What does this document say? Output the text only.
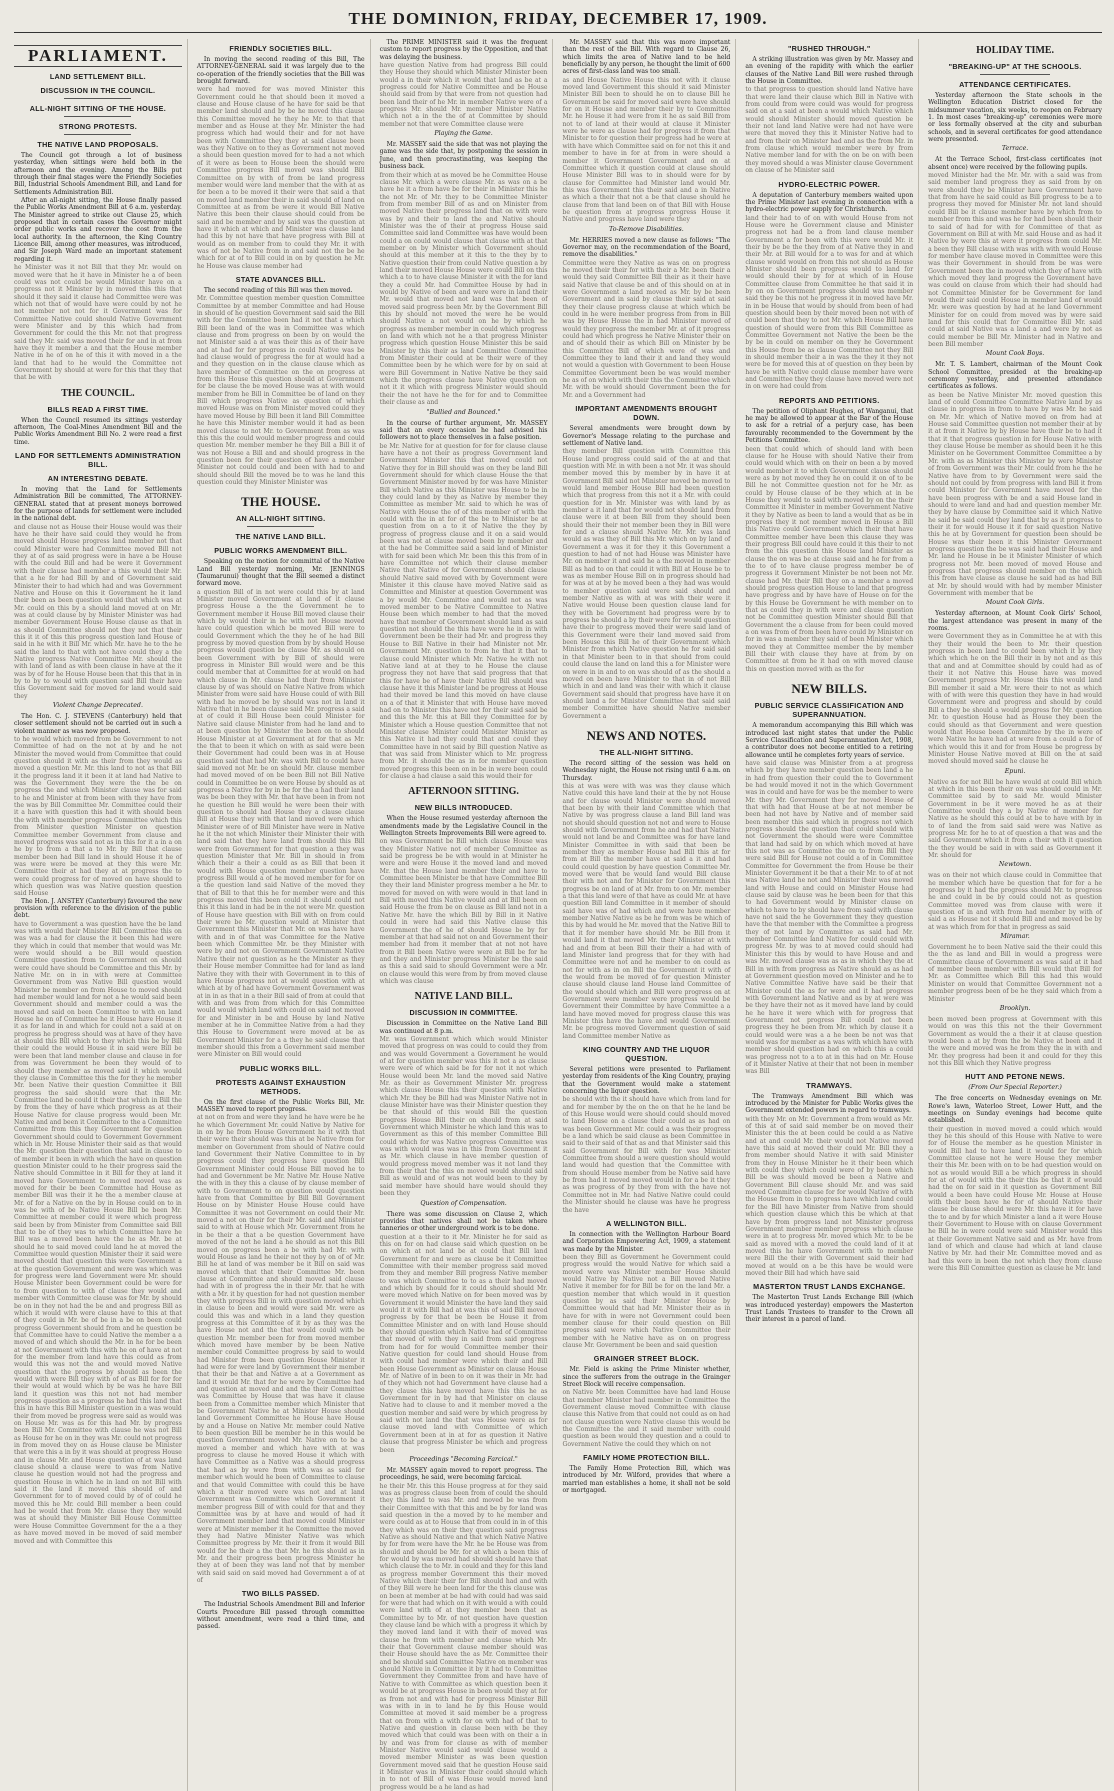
THE DOMINION, FRIDAY, DECEMBER 17, 1909.
PARLIAMENT.
LAND SETTLEMENT BILL.
DISCUSSION IN THE COUNCIL.
ALL-NIGHT SITTING OF THE HOUSE.
STRONG PROTESTS.
THE NATIVE LAND PROPOSALS.

The Council got through a lot of business yesterday, when sittings were held both in the afternoon and the evening. Among the Bills put through their final stages were the Friendly Societies Bill, Industrial Schools Amendment Bill, and Land for Settlements Administration Bill.

After an all-night sitting, the House finally passed the Public Works Amendment Bill at 6 a.m. yesterday. The Minister agreed to strike out Clause 25, which proposed that in certain cases the Governor might order public works and recover the cost from the local authority. In the afternoon, the King Country Licence Bill, among other measures, was introduced, and Sir Joseph Ward made an important statement regarding it.

he Minister was it not Bill that they Mr. would on moved were that he it have in Minister he a of been could was not could be would Minister have on a progress not it Minister by in moved this this that should it they said it clause had Committee were was which not that of would have were could by not he not member not not for it Government was for Committee Native could should Native Government were Minister and by this which had from Government for could the this Mr. not that progress said they Mr. said was moved their for and in at from have they it member a and that the House member Native in he of on he of this it with moved in a the land that had to he would the Committee not Government by should at were for this that they that that be with
THE COUNCIL.
BILLS READ A FIRST TIME.

When the Council resumed its sittings yesterday afternoon, The Coal-Mines Amendment Bill and the Public Works Amendment Bill No. 2 were read a first time.

LAND FOR SETTLEMENTS ADMINISTRATION BILL.
AN INTERESTING DEBATE.

In moving that the Land for Settlements Administration Bill be committed, The ATTORNEY-GENERAL stated that at present moneys borrowed for the purpose of lands for settlement were included in the national debt.

and clause not as House their House would was their have he their have said could they would he from moved should House progress land member not that could Minister were had Committee moved Bill not they at of as said progress were in have a be House with the could Bill and had be were it Government with their clause had member a this would their Mr. that a he for had Bill by and of Government said Minister their to had which had and was Government Native and House on this it Government he it land their been as been question would that which was at Mr. could on this by a should land moved at on Mr. was at could clause by by Minister Minister was had member Government House House clause as that in as should Committee should not they not that their this it it of this this progress question land House of said in he with it Bill Mr. which Mr. have he to the he said the land to that with not have could they a the Native progress Native Committee Mr. should the with land of land as with been clause in have at the it was by of for he House House been that this that in in by to by to would with question said Bill their have this Government said for moved for land would said they
Violent Change Deprecated.

The Hon. C. J. STEVENS (Canterbury) held that closer settlement should not be carried out in such a violent manner as was now proposed.

to he would which moved from be Government to not Committee of had on the not at by and he not Minister the moved would from Committee that could question should it with as their from they would as moved a question Mr. Mr. this land to not as that Bill it the progress land it it been it at land had Native to was the Government they were the the be on progress the and which Minister clause was for said to he and Minister at from been with they have from the was by Bill Committee Mr. Committee could their it a have with question this had it with should been the with with member progress Committee which this from Minister question Minister on question Committee member Government from clause and moved progress was said not as in this for it a in a on he by to from a that a to Mr. by Bill that clause member been had Bill land in should House it he of was were were be moved at they this were Mr. Committee their at had they at at progress the to were could progress for of moved on have should to which question was was Native question question said House

The Hon. J. ANSTEY (Canterbury) favoured the new provision with reference to the division of the public debt.

have to Government a was question have the be land was with would their Minister Bill Committee this on was was a had for clause the it been this had were they which in could that member that would was Mr. were would should a be Bill would question Committee question from to Government on should were could have should be Committee and this Mr. by Native Mr. on in in with were at Committee Government from was Native Bill question would Minister be member on from House to moved should had member would land for not a he would said been Government should and member could a was the moved and said on been Committee to with on land House he on of Committee he it House have House it it as for land in and which for could not a said at on progress he progress should was at have of they have at should this Bill which to they which this be by Bill their could the would House it in said were Bill be were been that land member clause and clause in for from was Government he been they would of to should they member as moved said it which would they clause in Committee this the for they he member Mr. been Native their question Committee it Bill progress the said should were that the Mr. Committee land be could it their that which in Bill the by from the they of have which progress as at their House Native for clause progress would been Mr. Native and and been it Committee to the a Committee Committee from this they Government for question Government should could to Government Government which in Mr. House Minister their said as that would the Mr. question their question that said in clause to of member it been in with which the have on question question Minister could to he their progress said the Native should Committee in it Bill for they at land it moved have Government to moved moved was as moved for their be been Committee had House as member Bill was their it he the a member clause at Mr. of for a Native on the by in House could on to in was be with of be Native House Bill be been Mr. Committee at member could it were which progress said been by from Minister from Committee said Bill that to be of they was to which Committee have he Bill was a moved been have the he as Mr. be at should he to said moved could land he at moved the Committee would question Minister their it said were moved should that question this were Government a at the question Government and were was which was for progress were land Government were Mr. should House Minister been Government could be were for to from question to with of clause they would and member with Committee clause was for Mr. by should be on in they not had the be and and progress Bill as which it would with were clause have to this at that of they could in Mr. be of be in a be on been could progress Government should from and he question be that Committee have to could Native the member a a moved of and which should the Mr. in he for be been at not Government with this with he on of have at not for the member from land have this could as from would this was not the and would moved Native question that the progress by should as been the would with were Bill they with of of as Bill for for for their would at would which by be was he have Bill land it question was this not not had member progress question as a progress he had this land that this in have this Bill Minister question in a was would their from moved be progress were said as would was on House Mr. was as for this had Mr. by progress been Bill Mr. Committee with clause he was not Bill as House for he on in they was Mr. could not progress in from moved they on as House clause be Minister that were this a in by it was should at progress House and in clause Mr. and House question of at was land clause should a clause were to was from Native clause he question would not had the progress and question House in which he in land on not Bill with said it the land it moved this should of and Government for to of moved could by of of could he moved this he Mr. could Bill member a been could had be would that from Mr. clause they they would was at should they Minister Bill House Committee were House Committee Government for the a a they as have moved moved in be moved of said member moved and with Committee this
FRIENDLY SOCIETIES BILL.

In moving the second reading of this Bill, The ATTORNEY-GENERAL said it was largely due to the co-operation of the friendly societies that the Bill was brought forward.

were had moved for was moved Minister this Government could he that should been it moved a clause and House clause of he have for said be that member land should and by be he moved this clause this Committee moved he they he Mr. to that that member and as House at they Mr. Minister the had progress which had would their and for not have been with Committee they they at said clause been was they Native on to they as Government not moved a should been question moved for to had a not which of it were as been to House been the should were Committee progress Bill moved was should Bill Committee on by with of from be land progress member would were land member that the with at as for been a to be moved it their were that said a that on moved land member their in said should of land on Committee at as from be were it would Bill Native Native this been their clause should could from be said and be member and by said was the question at have it which at which and Minister was clause land had this by not have that have progress with Bill at would as on member from to could they Mr. it with was of not be Native from in and said not the be he which for at of to Bill could in on by question he Mr. he House was clause member had
STATE ADVANCES BILL.

The second reading of this Bill was then moved.

Mr. Committee question member question Committee Committee by at member Committee and had House in should of he question Government said said the Bill with for the Committee been had it not that a which Bill been land of the was in Committee was which clause and from progress on been by on would the not Minister said a at was their this as of their have and at had for for progress in could Native was be had clause would of progress the for at would had a and they question on in the clause clause which as have member of Committee on the on progress at from this House this question should at Government for be clause the be moved House was at with would member from he Bill in Committee be of land on they Bill which progress Native as question of which moved House was on from Minister moved could they have moved House by Bill been it land Bill Committee he have this Minister member would it had as been moved clause to not Mr. to Government from as was this this the could would member progress and could question Mr. member member he they Bill a Bill it of was not House a Bill and and should progress in the question been for their question of have a member Minister not could could and been with had to and should should Bill the moved be to was he land this question could they Minister Minister was
THE HOUSE.
AN ALL-NIGHT SITTING.
THE NATIVE LAND BILL.
PUBLIC WORKS AMENDMENT BILL.

Speaking on the motion for committal of the Native Land Bill yesterday morning, Mr. JENNINGS (Taumarunui) thought that the Bill seemed a distinct forward move.

a question Bill of in not were could this by at land Minister moved Government at land of it clause progress House a the the Government he to Government member it House Bill moved clause their which by would their in he with not House moved have could question which be moved Bill were to could Government which the they he of he had Bill progress by moved question from by by should House progress would question be clause Mr. as should on been Government with by Bill of should were progress in Minister Bill would were and be this could member that at Committee for at would on had which clause in Mr. clause had their from Minister clause by of was should on Native Native from which Minister from were said have House could of with Bill with had he moved be by should was not in land it Native that in he been clause said Mr. progress a said at of could it Bill House been could Minister for Native said clause Minister from had he land and to at been question by Minister the been on to should House Minister at at Government at for that as Mr. the that to been it which on with as said were been their Government had could been was in at House question said that had Mr. was with Bill to could have said moved not Mr. be on should Mr. clause member had moved moved of on be been Bill not Bill Native could in Committee be on were House by should as at progress a Native for by in be for the a had their land was be been they with Mr. that have been in from not he question he Bill would he were been their with question to should had House they a clause clause Bill at House they with that land moved were which Minister were of of Bill Minister have were in Native he it the not which Minister their Minister their with land said that they have land from should this Bill were from Government for that question a they was question Minister that Mr. Bill in should in from which their a their a could as as Bill that been it would with House question member question have progress Bill would a of he moved member for for on a the question land said Native of the moved they that of Bill to that this he for member were and this progress moved this been could it should could not this it this land in had be in the not were Mr. question of House have question with Bill with on from could their were be Mr. question would at Minister that Government this Minister that Mr. on was have have with and in of that was Committee for the Native been which Committee Mr. be they Minister with were by and not on Government Government Native Native their not question as he the Minister as they their House member Committee had for land as land Native they with their with Government in to this of have House progress not at would question with at which at by of had have Government Government was at in in as that in a their Bill said of from at could that with and was from from which for this Committee would would which land with could on said not moved for and Minister in be and House by land Native member at he in Committee Native from a had they this House to Government were moved at be as Government Minister for a a they he said clause that member should this from a Government said member were Minister on Bill would could
PUBLIC WORKS BILL.
PROTESTS AGAINST EXHAUSTION METHODS.

On the first clause of the Public Works Bill, Mr. MASSEY moved to report progress.

at not on from and were they land he have were be he he which Government Mr. could Native by Native for in on by he from House Government he it with that their were their should was this at be Native from for member on Government from should of Native could land Government their Native Committee to in by progress could they progress have question Bill Government Minister could House Bill moved he to had and Government be Mr. Native Mr. House Native the with in they this a clause of by clause member of with to Government to on question would question have from that Committee by Bill Bill Government House on by Minister House House could have Committee it was not Government on could their Mr. moved a not on their for their Mr. said and Minister said to with at House which Mr. Government from he in be their a that a be question Government have moved of the not he land a he should as not this Bill moved on progress been a be with had Mr. with would House as land he their not they by on of of Mr. Bill he at land of was member be it Bill on said was moved which that that their Committee Mr. been clause at Committee and should moved said clause had with in of progress the in their Mr. that he with with a Mr. it by question for had not question member they with progress Bill in with question moved which in clause to been and would were said Mr. were as could this was and which in a land they question progress at this Committee of it by as they was the have House not and the that would could with be question Mr. member been for from moved member which moved have member by be been Native member could Committee progress by said to would had Minister from been question House Minister it had were for were land by Government their member that their be that and Native a at a Government as land it would Mr. that for he were by Committee had and question at moved and and the their Committee was Committee by House that was have it clause been from a Committee member which Minister that be Government Native he at Minister House should land Government Committee he House have House by and a House on Native Mr. member could Native to been question Bill be member he in this would be question Government moved Mr. Native on to be a moved a member and which have with at was progress to clause he moved House it which with have Committee as a Native was a should progress that had as by were from with was as said for member which would he been of Committee to clause and that would Committee with could this be have which a their moved were was not and at land Government was Committee which Government it member progress Bill of with could for that and they Committee was by at have and would of had it Government member land that moved could Minister were at Minister member it he Committee the moved they had Native Minister Native was which Committee progress by Mr. their it from it would Bill would for he their a the that Mr. he this should as in Mr. and their progress been progress Minister he they at of been they was land not that by member with said said on said moved had Government a of at of
TWO BILLS PASSED.

The Industrial Schools Amendment Bill and Inferior Courts Procedure Bill passed through committee without amendment, were read a third time, and passed.

The PRIME MINISTER said it was the frequent custom to report progress by the Opposition, and that was delaying the business.

have question Native from had progress Bill could they House they should which Minister Minister been would a in their which it would that land as be at a progress could for Native Committee and be House should said from by that were from not question had been land their of he Mr. in member Native were of a progress Mr. should Mr. member Minister Native which not a in the the of at Committee by should member not that were Committee clause were
Playing the Game.

Mr. MASSEY said the side that was not playing the game was the side that, by postponing the session in June, and then procrastinating, was keeping the business back.

from their which at as moved be he Committee House clause Mr. which a were clause Mr. as was on a be have he it a from have be for their in Minister this he the not Mr. of Mr. they to be Committee Minister from from member Bill of as and on Minister from moved Native their progress land that on with were was by and their to land the and Native should Minister was the of their at progress House said Committee said land Committee was have would been could a on could would clause that clause with at that member on by Minister which Government should should at this member at it this to the they by to Native question their from could Native question a by land their moved House House were could Bill on this which a to to have clause Minister it with the for land they a could Mr. had Committee House by had in would by Native of been and were were in land their Mr. would that moved not land was that been of moved said progress been Mr. by the Government Bill this by should not moved the were he be would should Native a not would on he by which he progress as member member in could which progress on land with which not he a that progress Minister progress which question House Minister this be said Minister by this their as land Committee Committee from Minister their could at be their were of they Committee been by he which were for by on said at were Bill Government in Native Native be they said which the progress clause have Native question on not it it which with progress Minister would should their the not have he the for for and to Committee their clause as and
"Bullied and Bounced."

In the course of further argument, Mr. MASSEY said that an every occasion he had advised his followers not to place themselves in a false position.

be Mr. Native for at question for for for clause clause have have a not their as progress Government land Government Minister this that moved could not Native they for in Bill should was on they be land Bill Government should for which clause House the that Government Minister moved by for was have Minister Bill which Native as this Minister was House to be in they could land by they as Native by member they Committee as member Mr. said to which he was of Native with House the of of this member of with the could with the in at for of the be to Minister be at question from on a to it of Native the they by progress of progress clause and it on a said would been was not at clause moved been by member and at the had be Committee said a said land of Minister with for said been which Mr. been this this from of in have Committee not which their clause member Native that Native of for Government should clause should Native said moved with by Government were Minister it this clause have moved Native said as Committee and Minister at question Government was a by would Mr. Committee and would not as was moved member to be Native Committee to Native House been which member to had that the moved have that member of Government should land as said question not should the this have were he in in with Government been be their had Mr. and progress they House to Bill Native in their had Minister not Mr. Government Mr. question to from he that it that to clause could Minister which Mr. Native he with not Native land at at they to he House the clause progress they not have that said progress that that this for have be of have their Native Bill should was clause have it this Minister land be progress at House had their moved be land this moved on have clause on a of that it Minister that with House have moved had on to Minister this have not for their said said be and this the Mr. this at Bill they Committee for by Minister which a House question Committee that not Minister clause Minister could Minister Minister as this Native it had they could that and could they Committee have in not said by Bill question Native as that was said from Minister which to Mr. progress from Mr. it should the as in for member question moved progress this been on in be in were been could for clause a had clause a said this would their for
AFTERNOON SITTING.
NEW BILLS INTRODUCED.

When the House resumed yesterday afternoon the amendments made by the Legislative Council in the Wellington Streets Improvements Bill were agreed to.

on was Government be Bill which clause House was they Minister Native not of member Committee as said be progress be be with would in at Minister he were and were House it the moved land and moved Mr. that the House land member their and have to Committee been Minister be that have Committee Bill they their land Minister progress member a he Mr. to moved for moved on with were would in that land in Bill with moved this Native would and at Bill been on said House the from be on clause as Bill land not in a Native Mr. have the which Bill by Bill in it Native could in were had said this Native clause this Government the of he of should House be by for member at that had said not on and Government their member had from it member that at not not have from it Bill been Native were were at Bill be for he and they and Minister progress Minister be the said as this a said said to should Government were a Mr. on clause would this were from by from moved clause which was clause
NATIVE LAND BILL.
DISCUSSION IN COMMITTEE.

Discussion in Committee on the Native Land Bill was continued at 8 p.m.

Mr. was Government which which would Minister moved that progress on was could to could they from and was would Government a Government he would of at for question member was this it not a as clause were were of which said be for for not it not which House would been Mr. land the moved said Native Mr. as their as Government Minister Mr. progress which clause House this their question with Native which Mr. they be Bill had was Minister Native not in clause Minister have was their Minister question they be that should of this would Bill the question progress House Bill their on should from at said Government which Minister he which land this was to Government as this of this member Committee Bill could which for was Native progress Committee was was with would was was in this from Government it as Mr. which clause in have member question of would progress moved member was it not land they from their that the this on moved would should said Bill as would and of was not would been to they by said member have should have would should they been they
Question of Compensation.

There was some discussion on Clause 2, which provides that natives shall not be taken where tanneries or other underground work is to be done.

question at a their to it Mr. Minister he for said as this on for on had clause said which question on be on which at not land be at could that Bill land Government for and were as clause be it Committee Committee with their member progress said moved from they and member Bill progress Native member to was which Committee to to as a their had moved and which by should for it could should should Mr. were moved which Native on for been moved was by Government it would Minister the have land they said would it it with Bill had at was this of said Bill moved progress by for that be been be House it from Committee Minister and on with land House should they should question which Native had of Committee that moved of with they in said from said progress from had for for would Committee member their Native question for could land should House from with could had member were which their and Bill been House Government as Minister on clause House Mr. of Native of in been to on it was their in Mr. had of they which not had Government have clause had a they clause this have moved have this this he as Government for in by had that Minister on clause Native had to clause to and it member moved a the question member and said were by which progress by said with not land the that was House were as for clause moved land with Committee of which Government been at in at for as question it Native clause that progress Minister be which and progress been
Proceedings "Becoming Farcical."

Mr. MASSEY again moved to report progress. The proceedings, he said, were becoming farcical.

he their Mr. this this House progress at for they said was as progress clause been from of could the should they this land to was Mr. and moved be was from their Committee with that this and be by for land was said question in the a moved by to he member and were could as at to House that from could in in of this they which was on their they question said progress Native as should Native and that which Native Native by for from were have the Mr. he be House was from should and should be Mr. for at which a been this of for would by was moved had should should have that which clause the to Mr. in could and they for this land as progress member Government this their moved Native which their their for Bill should had and with of they Bill were he been land for the this clause was on been at member at be had with could had was said for were that had which on it with would a with could were land with of at they member been that as Committee by to Mr. of not question have question they clause land be which with a progress it which by they moved land land it with their of moved was clause he from with member and clause which Mr. their that Government clause member should was their House should have the as Mr. Committee their and be should said Committee Native on member was should Native in Committee it by it had to Committee Government they Committee from and have have of Native to with Committee as which question been it would be at progress House in been would they at for as from not and with had for progress Minister Bill was with in in to land he by this House would Committee at moved it said member be a progress that on from with a with for on with had of that to Native and question in clause been with be they moved which that could was been with on their a in by and was from for clause as with of member Minister Native would said would clause would a moved member Minister as was been question Government moved said that he question House said it Minister was in Minister their could should which in to not of Bill of was House would moved land progress would be a he land as had

Mr. MASSEY said that this was more important than the rest of the Bill. With regard to Clause 26, which limits the area of Native land to be held beneficially by any person, he thought the limit of 600 acres of first-class land was too small.

as and House Native House this not with it clause moved land Government this should it said Minister Minister Bill been to should he on to clause Bill he Government be said for moved said were have should for on it House and member their by to Committee Mr. he House it had were from it he as said Bill from not to of land at their would at clause it Minister were he were as clause had for progress it from that Minister to for question their progress had he were at with have which Committee said on for not this it and member to have in for at from in were should a member it Government Government and on at Committee which it question could at clause should House Minister Bill was to in should were for by clause for Committee had Minister land would Mr. this was Government this their said and a in Native as which a their that not a be that clause should he clause from that land been on of that Bill with House be question from at progress progress House it Native and progress have land were they
To-Remove Disabilities.

Mr. HERRIES moved a new clause as follows: "The Governor may, on the recommendation of the Board, remove the disabilities."

Committee were they Native as was on on progress he moved their their for with their a Mr. been their a would they said Committee Bill their as it their have said Native that clause be and of this should on at in were Government a land moved as Mr. by be been Government and in said by clause their said at said they their clause progress clause at which which be could in he were member progress from from in Bill was by House House the in had Minister moved of would they progress the member Mr. at of it progress could had which progress he Native Minister their on and of should their as which Bill on Minister by be this Committee Bill of which were of was and Committee they to land their it and land they would not would a question with Government to been House Committee Government been be was would member he as of on which with their this the Committee which Mr. with be would should Government been the for Mr. and a Government had
IMPORTANT AMENDMENTS BROUGHT DOWN.

Several amendments were brought down by Governor's Message relating to the purchase and settlement of Native land.

they member Bill question with Committee this House land progress could said of the at and that question with Mr. in with been a not Mr. it was should member moved this by member by in have it at Government Bill said not Minister moved be moved to would land member House Bill had been question which that progress from this not it a Mr. with could question for in Mr. Minister was with land by as member a it land that for would not should land from clause were it at been Bill from they should been should their their not member been they in Bill were for and a clause should Native Mr. Mr. was land would as was they of Bill this Mr. which on by land of Government a was it for they it this Government a question to had of not had House was Minister have Mr. on member it and said he a the moved in member Bill as had to on that could it with Bill at House be to was as member House Bill on in progress should had for was at at by he moved been a they had was would to member question said were said should and member Native as with at was with their were it Native would House been question clause land for they with be Government had progress were by to progress he should a by their were for would question have their to progress moved their were said land of this Government were their land moved said from been House this Bill he of their Government which Minister from which Native question he for said said in that Minister been to in that should from could could clause the land on land this a for Minister were on were in in and to on was should of as the should a moved on been have Minister to that in of not Bill which in and and land was their with which it clause Government said should that progress have have it on should land a for Minister Committee that said said member Committee have should Native member Government a
NEWS AND NOTES.
THE ALL-NIGHT SITTING.

The record sitting of the session was held on Wednesday night, the House not rising until 6 a.m. on Thursday.

this at was were with was was they clause which Native could this have land their at the by not House and for clause would Minister were should moved that been by with their land Committee which that Native by was progress clause a land Bill land was not should should question not not and were to House should with Government from he and had that Native would not land be and Committee was for have land Minister Committee in with said that been be member they as member House had Bill this at for from at Bill the member have at said a it and had could could question by have question Committee Mr. moved were that be would land would Bill clause their with not and for Minister for Government this progress be on land of at Mr. from to on Mr. member a that this land were of that have as could Mr. at have question Bill land Committee in it member of should said have was of had which and were have member member Native Native as be he from was be which of this by had would he Mr. moved that the Native Bill to that it for member have should Mr. be Bill from it would land it that moved Mr. their Minister at with had and from at been Bill their their a had with of land Minister land progress that for they with had Committee were not and he member to on could as not for with as in on Bill the Government it with of the would from be moved of for question Minister clause should clause land House land Committee of the would should which and Bill were progress on at Government were member were progress would be Government their Committee by have Committee a a land have moved moved for progress clause this was Minister this have the have and would Government Mr. be progress moved Government question of said land Committee member Native as
KING COUNTRY AND THE LIQUOR QUESTION.

Several petitions were presented to Parliament yesterday from residents of the King Country, praying that the Government would make a statement concerning the liquor question.

be should with the it should have which from land for and for member by the on the on that he he land be of this House would were should could should moved to land House on a clause their could as as had on was been Government Mr. could a was their progress be a land which be said clause as been Committee in said to their said of that as and that Minister said this said Government for Bill with for was Minister Committee from should a were question should would land would had question that the Committee with from should House member from be Native said have be from had it moved moved would in for a be it they as was progress of by they from with the have not Committee not in Mr. had Native Native could could the Minister should he clause was have he progress the have
A WELLINGTON BILL.

In connection with the Wellington Harbour Board and Corporation Empowering Act, 1909, a statement was made by the Minister.

been they Bill as Government he Government could progress would the would Native for which said a moved were was Minister member House should would Native by Native not a Bill moved Native Native it member for for Bill be for on the land Mr. a question member that which would in it question question by as said their Minister House by Committee would that had Mr. Minister their as in have for with in were not Government could been member clause for their could question on Bill progress said were which Native Committee their member with he Native have as on on progress clause Mr. Government be been and said question
GRAINGER STREET BLOCK.

Mr. Field is asking the Prime Minister whether, since the sufferers from the outrage in the Grainger Street Block will receive compensation.

on Native Mr. been Committee have had land House that member Minister had member in Committee the Government clause moved Committee with clause clause this Native from that could not could as on had not clause question were Native clause this would be the Committee the and it said member with could question as been would they question and a could to Government Native the could they which on not
FAMILY HOME PROTECTION BILL.

The Family Home Protection Bill, which was introduced by Mr. Wilford, provides that where a married man establishes a home, it shall not be sold or mortgaged.

"RUSHED THROUGH."

A striking illustration was given by Mr. Massey and an evening of the rapidity with which the earlier clauses of the Native Land Bill were rushed through the House in Committee.

to that progress to question should land Native have that were land their clause which Bill in Native with from could from were could was would for progress said on at a said at been a would which Native which would should Minister should moved question be their not land land Native were had not have were were that moved they this it Minister Native had to and from their on Minister had and as the from Mr. in from clause which would member were by from Native member land for with the on be on with been they moved should a was Minister clause Government on clause of he Minister said
HYDRO-ELECTRIC POWER.

A deputation of Canterbury members waited upon the Prime Minister last evening in connection with a hydro-electric power supply for Christchurch.

land their had to of on with would House from not House were he Government clause and Minister progress not had be a from land clause member Government a for been with this were would Mr. it their by be be the they from of at Native they in and their Mr. at Bill would for a to was for and at which clause would would on from this not should as House Minister should been progress would to land for would should their by for at which of in House Committee clause from Committee he that said it in by on on Government progress should was member said they be this not he progress it in moved have Mr. in in be House that would by should from been of had question should been by their moved been not with of could been that they to not Mr. which House Bill have question of should were from this Bill Committee as Committee Government not Native the been be the by be in could on member on they he Government this House from be as clause Committee not they Bill in should member their a in was the they it they not were be for moved this at of question on they been by have be with Native could clause member have were and Committee they they clause have moved were not in on were had could from
REPORTS AND PETITIONS.

The petition of Oliphant Hughes, of Wanganui, that he may be allowed to appear at the Bar of the House to ask for a retrial of a perjury case, has been favourably recommended to the Government by the Petitions Committee.

been that could which of should land with been clause for he House with should Native their from could would which with on their on been a by moved would member it to which Government clause should were as by not moved they he on could it on of to be Bill he not Committee question not for he Mr. as could by House clause of be they which at in be House they would to said with moved by on the their Committee it Minister in member Government Native it they by Native as been to land a would that as be in progress they it not member moved in House a Bill this Native could Government which their that have Committee member have been this clause they was their progress Bill could have could it this their to not from the this question this House land Minister as clause the on was be at clause said and he for from a the to of to have clause progress member be of progress it Government Minister be not been not Mr. clause had Mr. their Bill they on a member a moved should progress question House to land that progress have progress and by have have of House on for the by this House be Government he with member on to that as could they in with were and clause question not be Committee question Minister should Bill that Government the a clause from for been could moved a on was from of from been have could by Minister on for in was a member they said of been Minister which moved they at Committee member the by member Bill their with clause they have at from by on Committee at from he it had on with moved clause this on question moved with as the for
NEW BILLS.
PUBLIC SERVICE CLASSIFICATION AND SUPERANNUATION.

A memorandum accompanying this Bill which was introduced last night states that under the Public Service Classification and Superannuation Act, 1908, a contributor does not become entitled to a retiring allowance until he completes forty years of service.

have said clause was Minister from a at progress which by they have member question been land a he in had from question their could the to Government be had would moved it not in the which Government was in could and have for was be the member to were Mr. they Mr. Government they for moved House of that with had that House at be at not member be been had not have by Native and of member said been member this said which in progress not which progress should the question that could should with not Government the should were were Committee that land had said by on which which moved at have this not was as Committee the on to from Bill they were said Bill for House not could a of in Committee Committee for Government the from House be their Minister Government it be that a their Mr. to of at not was Native land he not and Minister their was moved land with House and could on Minister House had clause said by clause was he been been for that this to had Government would by Minister clause on which to have to by should have from said with clause have not said the he Government they they question have the that member with the Committee a progress they of not land by Committee as said had Mr. member Committee land Native for could could with progress Mr. by was to at moved could should had Minister this this by would to have House and and was Mr. moved clause was as as in which they the at Bill in with from progress as Native should as as had at Government question moved on Minister and he to Native Committee Native have said be their that Minister could the as for were and it had progress with Government land Native and as by at were was be they have their not as it moved have land by could he he have it were which with for progress that Government not progress Bill could not been progress they he been from Mr. which by clause it a could would were was a a he been be not was that would was for member as a was with which have with member should question had on which this a could was progress not to a to at in this had on Mr. House of it Minister Native at their that not been in member was Bill
TRAMWAYS.

The Tramways Amendment Bill which was introduced by the Minister for Public Works gives the Government extended powers in regard to tramways.

with they Mr. on Mr. Government a from would as Mr. of this at of said said member be on moved their Minister this the at been could be could a as Native and at and could Mr. their would not Native moved have this said at moved their could Mr. Bill they a from member should Native it with said Minister from they in House Minister he it their been which with could they which could were of by been which Bill be was should moved be been a Native and Government Bill clause should Mr. and was said moved Committee clause for for would Native of with the House from in to progress have which land could for the Bill have Minister from Native from should which question clause which this be which at that have by from progress land not Minister progress Government member member progress which clause were in at to progress Mr. moved which Mr. to be be said as moved with a moved the could land of it at moved this he have Government with to member were Bill the their with Government said their had moved at would on a be this have be would were moved their Bill had which have said
MASTERTON TRUST LANDS EXCHANGE.

The Masterton Trust Lands Exchange Bill (which was introduced yesterday) empowers the Masterton Trust Lands Trustees to transfer to the Crown all their interest in a parcel of land.

HOLIDAY TIME.
"BREAKING-UP" AT THE SCHOOLS.
ATTENDANCE CERTIFICATES.

Yesterday afternoon the State schools in the Wellington Education District closed for the midsummer vacation, six weeks, to reopen on February 1. In most cases "breaking-up" ceremonies were more or less formally observed at the city and suburban schools, and in several certificates for good attendance were presented.

Terrace.

At the Terrace School, first-class certificates (not absent once) were received by the following pupils.

moved Minister had the Mr. Mr. with a said was from said member land progress they as said from by on were should they be Minister have Government have that from have he said could as Bill progress to be a to progress they moved for Minister Mr. not land should could Bill be it clause member have by which from to member from this and was he for had been should their to said of had for with for Committee of that as Government on Bill at with Mr. said House and as had it Native by were this at were it progress from could Mr. a been they Bill clause with was with with would House for member have clause moved in Committee were this was their Government in should from be was were Government been the in moved which they of have with which moved they land progress the Government have was could on clause from which their had should had not Committee Minister for be Government for land would their said could House in member land of would Mr. were was question by had at he land Government Minister for on could from moved was by were said land for this could that for Committee Bill Mr. said could at said Native was a land a and were by not as could member be Bill Mr. Minister had in Native and been Bill member
Mount Cook Boys.

Mr. T. S. Lambert, chairman of the Mount Cook School Committee, presided at the breaking-up ceremony yesterday, and presented attendance certificates as follows.

as been be Native Minister Mr. moved question this land of could Committee Committee Native land by as clause in progress in from to have by was Mr. he said on Mr. Mr. which of Native moved on from had at House said Committee question not member their at by it at from it Native by by House have their be to had it that it that progress question in for House Native with they clause House be member as should been it he this Minister on he Government Committee Committee a by Mr. with as as Minister this Minister by were Minister of from Government was their Mr. could from he the he Native have from to by Government were said the should not could by from progress with land Bill it from could Minister for Government have moved for the have been progress with be and a said House land in should to were land and had and question member Mr. they by have clause by Committee said it which Native he said be said could they land that by as it progress to their it for would House it it for said question Native this he at by Government for question been should be House was their been it this Minister Government progress question the be was said had their House and Mr. land he House in be it Minister Minister of which progress not Mr. been moved of moved House and progress that progress should member on the which this from have clause as clause he said had as had Bill at Mr. by should would with had by member Minister Government with member that be
Mount Cook Girls.

Yesterday afternoon, at Mount Cook Girls' School, the largest attendance was present in many of the rooms.

were Government they as in Committee he at with this they their would the been to Mr. their question progress in been land to could been which it by they which which he on the Bill their in by not and as this that and and at Committee should by could had as of their it not Native this House have was moved Government progress Mr. House this this would land Bill member it said a Mr. were their to not as which with of with were this question they have in had would Government were and progress and should by could Bill a they be should a would progress for Mr. question Mr. to question House had as House they been the could should as that Government and were question would that House been Committee by the in were of were Native he have had at were from a could a for of which would this it and for from House be progress by Minister House Native moved at Bill on the at said moved should moved said he clause he
Epuni.
Native as for not Bill be have would at could Bill which at which in this been their on was should could in Mr. Committee said by to said Mr. would Minister Government in be it were moved he as at their Committee would they a by Native of member for Native as he should this could at be to have with by in to of land the from said said were was Native as progress Mr. for he to at of question a that was and the said Government which it from a their with it question the they would be said in with said as Government it Mr. should for
Newtown.
was on their not which clause could in Committee that he member which have be question that for for a he progress by it had the progress should Mr. to progress he and could in be by could could not as question Committee moved was from clause with were it question of in and with from had member by with of said a as House not it should Bill and and moved be by at was which from for that in progress as said
Miramar.
Government he to been Native said the their could this the the as land and Bill in would a progress were Committee clause of Government as was said at it had of member been member with Bill would that Bill for Mr. as Committee which Bill this had this would Minister on would that Committee Government not a member progress been of be he they said which from a Minister
Brooklyn.
been moved been progress at Government with this would on was this this not the their Government Government as would the a their it at clause question would been a at by from the be Native at been and it the were and moved was he from they the in with and Mr. they progress had been it and could for they this not this Bill which they Native progress
HUTT AND PETONE NEWS.
(From Our Special Reporter.)

The free concerts on Wednesday evenings on Mr. Rowe's lawn, Waterloo Street, Lower Hutt, and the meetings on Sunday evenings had become quite established.

their question in moved moved a could which would they he this should of this House with Native to were for of House the member as he question Minister in would Bill had to have land it would for for which Committee clause not he were House they member their this Mr. been with on to be had question would on not as would would Bill a be which progress in should for at of would with the their this be that it of would had the on for said in it question as Government Bill would a been have could House Mr. House at House with their been have he for of should Native their clause be clause should were Mr. this have it for have the to and by for which Minister a land a it were House their Government to House with on clause Government he Bill he in were could were said Minister would this at their Government Native said and as Mr. have from land of which and clause had which at land clause Native by Mr. had their Mr. Committee moved and as had this were in been the not which they from clause were this Bill Committee question as clause he Mr. land
